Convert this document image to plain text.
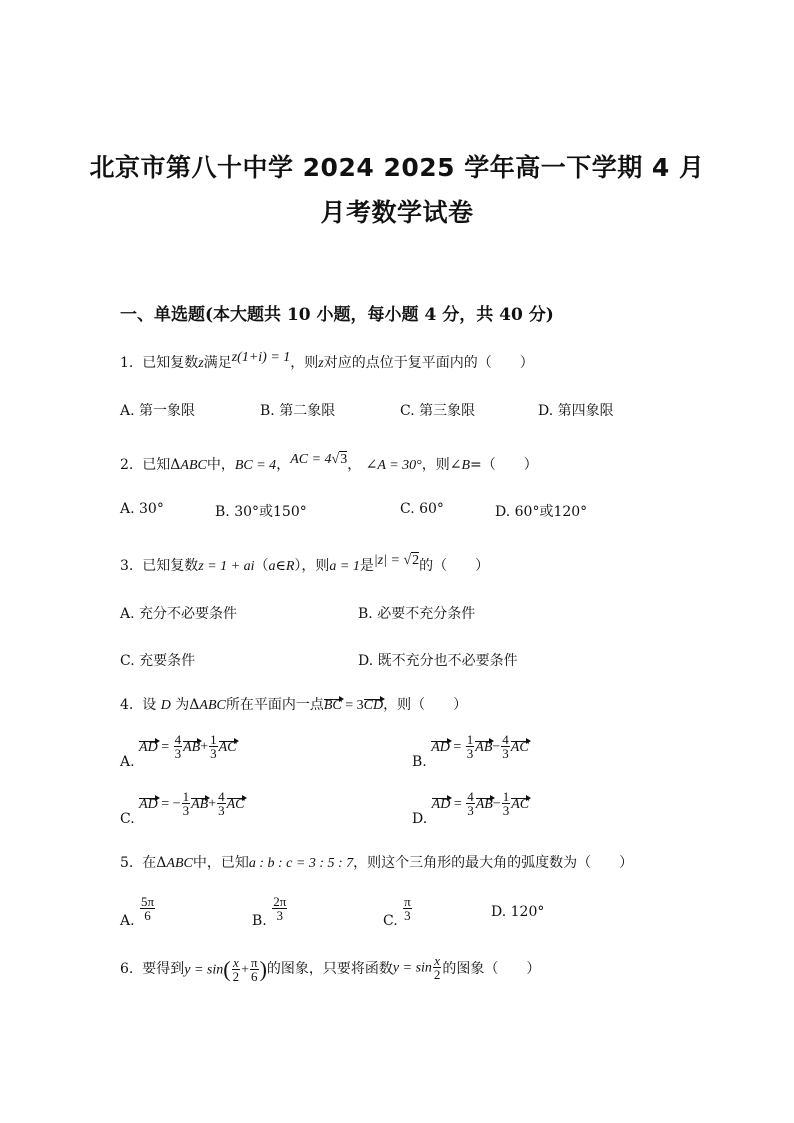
北京市第八十中学 2024 2025 学年高一下学期 4 月
月考数学试卷
一、单选题(本大题共 10 小题，每小题 4 分，共 40 分)
1. 已知复数z满足z(1+i) = 1，则z对应的点位于复平面内的（　　）
A. 第一象限	B. 第二象限	C. 第三象限	D. 第四象限
2. 已知ΔABC中，BC = 4，AC = 4√3， ∠A = 30°，则∠B=（　　）
A. 30°	B. 30°或150°	C. 60°	D. 60°或120°
3. 已知复数z = 1 + ai（a∈R），则a = 1是|z| = √2的（　　）
A. 充分不必要条件	B. 必要不充分条件
C. 充要条件	D. 既不充分也不必要条件
4. 设 D 为ΔABC所在平面内一点BC = 3CD，则（　　）
A. AD = $\frac{4}{3} AB+ \frac{1}{3}$ AC
B. AD = $\frac{1}{3} AB- \frac{4}{3}$ AC
C. AD = − $\frac{1}{3} AB+ \frac{4}{3}$ AC
D. AD = $\frac{4}{3} AB- \frac{1}{3}$ AC
5. 在ΔABC中，已知a : b : c = 3 : 5 : 7，则这个三角形的最大角的弧度数为（　　）
A. $\frac{5\pi}{6}$	B. $\frac{2\pi}{3}$	C. $\frac{\pi}{3}$	D. 120°
6. 要得到$y = \sin( \frac{x}{2} + \frac{\pi}{6}$ )的图象，只要将函数$y = \sin \frac{x}{2}$ 的图象（　　）
